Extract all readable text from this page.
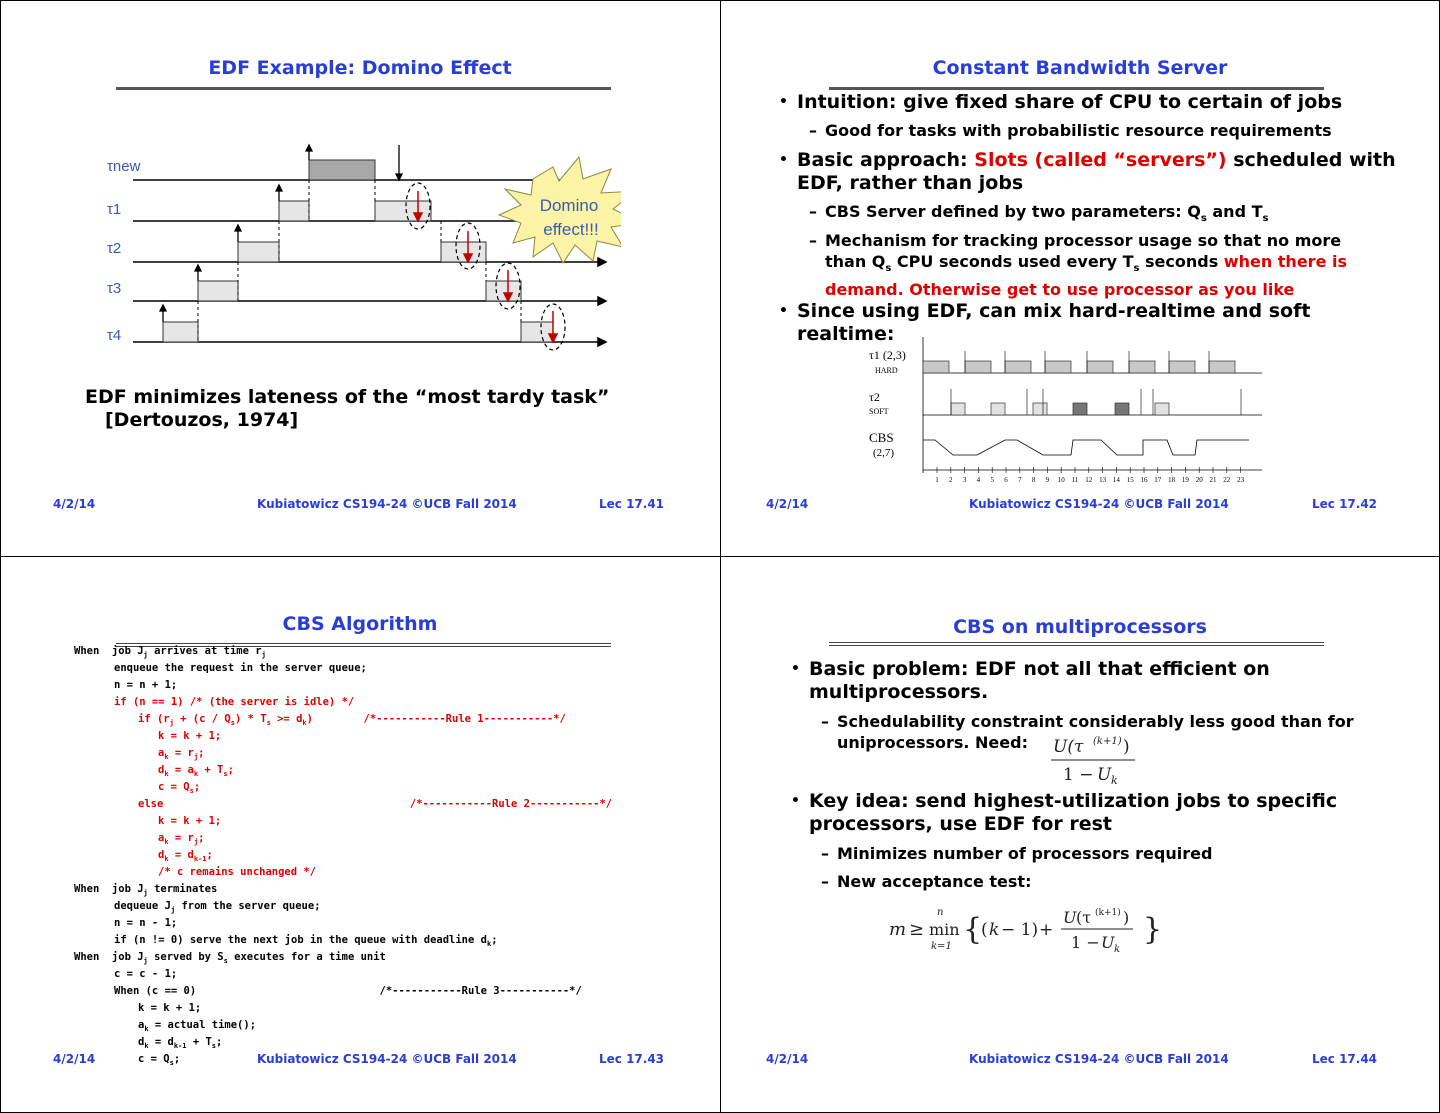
EDF Example: Domino Effect
τnew
τ1
τ2
τ3
τ4
Domino
effect!!!
EDF minimizes lateness of the “most tardy task”
[Dertouzos, 1974]
4/2/14	Kubiatowicz CS194-24 ©UCB Fall 2014	Lec 17.41
Constant Bandwidth Server
• Intuition: give fixed share of CPU to certain of jobs
– Good for tasks with probabilistic resource requirements
• Basic approach: Slots (called “servers”) scheduled with
EDF, rather than jobs
– CBS Server defined by two parameters: $Q_s$ and $T_s$
– Mechanism for tracking processor usage so that no more
than $Q_s$ CPU seconds used every $T_s$ seconds when there is
demand. Otherwise get to use processor as you like
• Since using EDF, can mix hard-realtime and soft
realtime:
τ1 (2,3)
HARD
τ2
SOFT
CBS
(2,7)
1 2 3 4 5 6 7 8 9 10 11 12 13 14 15 16 17 18 19 20 21 22 23
4/2/14	Kubiatowicz CS194-24 ©UCB Fall 2014	Lec 17.42
CBS Algorithm
When  job $J_j$ arrives at time $r_j$
enqueue the request in the server queue;
n = n + 1;
if (n == 1) /* (the server is idle) */
if $(r_j + (c / Q_s) * T_s >= d_k)$        /*-----------Rule 1-----------*/
k = k + 1;
$a_k = r_j$;
$d_k = a_k + T_s$;
$c = Q_s$;
else                                       /*-----------Rule 2-----------*/
k = k + 1;
$a_k = r_j$;
$d_k = d_{k-1}$;
/* c remains unchanged */
When  job $J_j$ terminates
dequeue $J_j$ from the server queue;
n = n - 1;
if (n != 0) serve the next job in the queue with deadline $d_k$;
When  job $J_j$ served by $S_s$ executes for a time unit
c = c - 1;
When (c == 0)                             /*-----------Rule 3-----------*/
k = k + 1;
$a_k$ = actual time();
$d_k = d_{k-1} + T_s$;
$c = Q_s$;
4/2/14	Kubiatowicz CS194-24 ©UCB Fall 2014	Lec 17.43
CBS on multiprocessors
• Basic problem: EDF not all that efficient on
multiprocessors.
– Schedulability constraint considerably less good than for
uniprocessors. Need:	U(τ (k+1) )
1 − U k
• Key idea: send highest-utilization jobs to specific
processors, use EDF for rest
– Minimizes number of processors required
– New acceptance test:
m ≥
n
min
k=1 {
( k − 1) +
U (τ (k+1) )
1 − U k
}
4/2/14	Kubiatowicz CS194-24 ©UCB Fall 2014	Lec 17.44
